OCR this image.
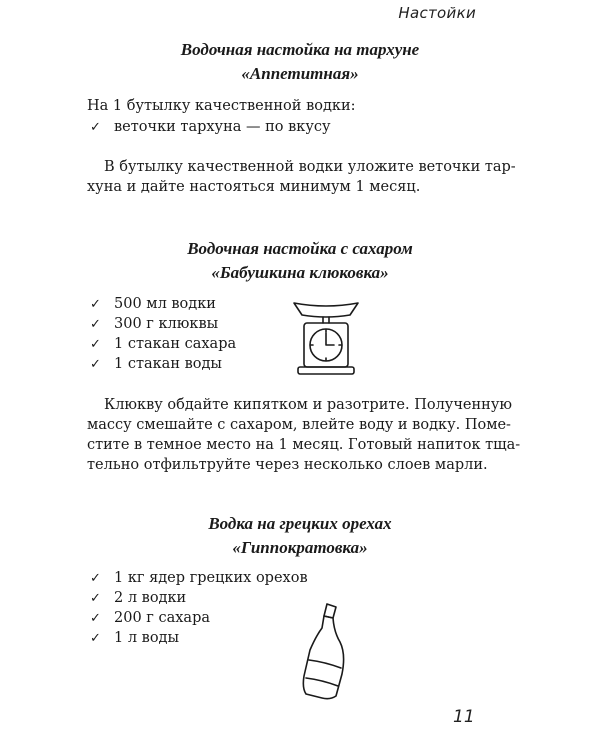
Настойки
Водочная настойка на тархуне
«Аппетитная»

На 1 бутылку качественной водки:

✓ веточки тархуна — по вкусу
В бутылку качественной водки уложите веточки тар-
хуна и дайте настояться минимум 1 месяц.
Водочная настойка с сахаром
«Бабушкина клюковка»
✓ 500 мл водки
✓ 300 г клюквы
✓ 1 стакан сахара
✓ 1 стакан воды
Клюкву обдайте кипятком и разотрите. Полученную
массу смешайте с сахаром, влейте воду и водку. Поме-
стите в темное место на 1 месяц. Готовый напиток тща-
тельно отфильтруйте через несколько слоев марли.
Водка на грецких орехах
«Гиппократовка»
✓ 1 кг ядер грецких орехов
✓ 2 л водки
✓ 200 г сахара
✓ 1 л воды
11
